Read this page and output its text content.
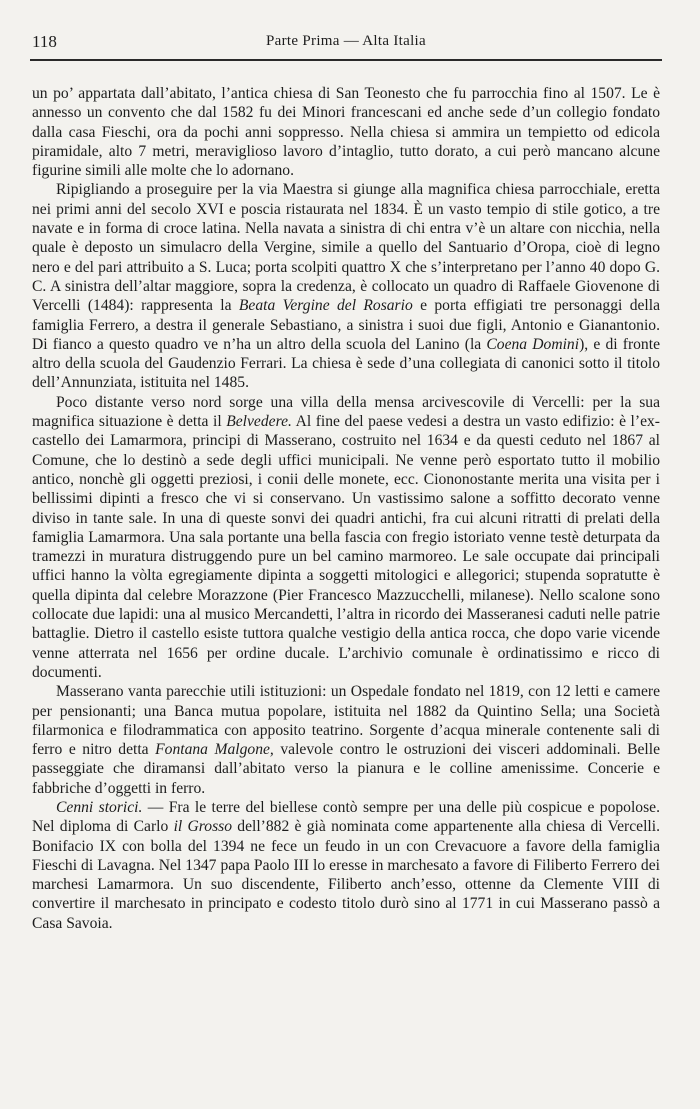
118	Parte Prima — Alta Italia

un po’ appartata dall’abitato, l’antica chiesa di San Teonesto che fu parrocchia fino al 1507. Le è annesso un convento che dal 1582 fu dei Minori francescani ed anche sede d’un collegio fondato dalla casa Fieschi, ora da pochi anni soppresso. Nella chiesa si ammira un tempietto od edicola piramidale, alto 7 metri, meraviglioso lavoro d’intaglio, tutto dorato, a cui però mancano alcune figurine simili alle molte che lo adornano.

Ripigliando a proseguire per la via Maestra si giunge alla magnifica chiesa parrocchiale, eretta nei primi anni del secolo XVI e poscia ristaurata nel 1834. È un vasto tempio di stile gotico, a tre navate e in forma di croce latina. Nella navata a sinistra di chi entra v’è un altare con nicchia, nella quale è deposto un simulacro della Vergine, simile a quello del Santuario d’Oropa, cioè di legno nero e del pari attribuito a S. Luca; porta scolpiti quattro X che s’interpretano per l’anno 40 dopo G. C. A sinistra dell’altar maggiore, sopra la credenza, è collocato un quadro di Raffaele Giovenone di Vercelli (1484): rappresenta la Beata Vergine del Rosario e porta effigiati tre personaggi della famiglia Ferrero, a destra il generale Sebastiano, a sinistra i suoi due figli, Antonio e Gianantonio. Di fianco a questo quadro ve n’ha un altro della scuola del Lanino (la Coena Domini), e di fronte altro della scuola del Gaudenzio Ferrari. La chiesa è sede d’una collegiata di canonici sotto il titolo dell’Annunziata, istituita nel 1485.

Poco distante verso nord sorge una villa della mensa arcivescovile di Vercelli: per la sua magnifica situazione è detta il Belvedere. Al fine del paese vedesi a destra un vasto edifizio: è l’ex-castello dei Lamarmora, principi di Masserano, costruito nel 1634 e da questi ceduto nel 1867 al Comune, che lo destinò a sede degli uffici municipali. Ne venne però esportato tutto il mobilio antico, nonchè gli oggetti preziosi, i conii delle monete, ecc. Ciononostante merita una visita per i bellissimi dipinti a fresco che vi si conservano. Un vastissimo salone a soffitto decorato venne diviso in tante sale. In una di queste sonvi dei quadri antichi, fra cui alcuni ritratti di prelati della famiglia Lamarmora. Una sala portante una bella fascia con fregio istoriato venne testè deturpata da tramezzi in muratura distruggendo pure un bel camino marmoreo. Le sale occupate dai principali uffici hanno la vòlta egregiamente dipinta a soggetti mitologici e allegorici; stupenda sopratutte è quella dipinta dal celebre Morazzone (Pier Francesco Mazzucchelli, milanese). Nello scalone sono collocate due lapidi: una al musico Mercandetti, l’altra in ricordo dei Masseranesi caduti nelle patrie battaglie. Dietro il castello esiste tuttora qualche vestigio della antica rocca, che dopo varie vicende venne atterrata nel 1656 per ordine ducale. L’archivio comunale è ordinatissimo e ricco di documenti.

Masserano vanta parecchie utili istituzioni: un Ospedale fondato nel 1819, con 12 letti e camere per pensionanti; una Banca mutua popolare, istituita nel 1882 da Quintino Sella; una Società filarmonica e filodrammatica con apposito teatrino. Sorgente d’acqua minerale contenente sali di ferro e nitro detta Fontana Malgone, valevole contro le ostruzioni dei visceri addominali. Belle passeggiate che diramansi dall’abitato verso la pianura e le colline amenissime. Concerie e fabbriche d’oggetti in ferro.

Cenni storici. — Fra le terre del biellese contò sempre per una delle più cospicue e popolose. Nel diploma di Carlo il Grosso dell’882 è già nominata come appartenente alla chiesa di Vercelli. Bonifacio IX con bolla del 1394 ne fece un feudo in un con Crevacuore a favore della famiglia Fieschi di Lavagna. Nel 1347 papa Paolo III lo eresse in marchesato a favore di Filiberto Ferrero dei marchesi Lamarmora. Un suo discendente, Filiberto anch’esso, ottenne da Clemente VIII di convertire il marchesato in principato e codesto titolo durò sino al 1771 in cui Masserano passò a Casa Savoia.
